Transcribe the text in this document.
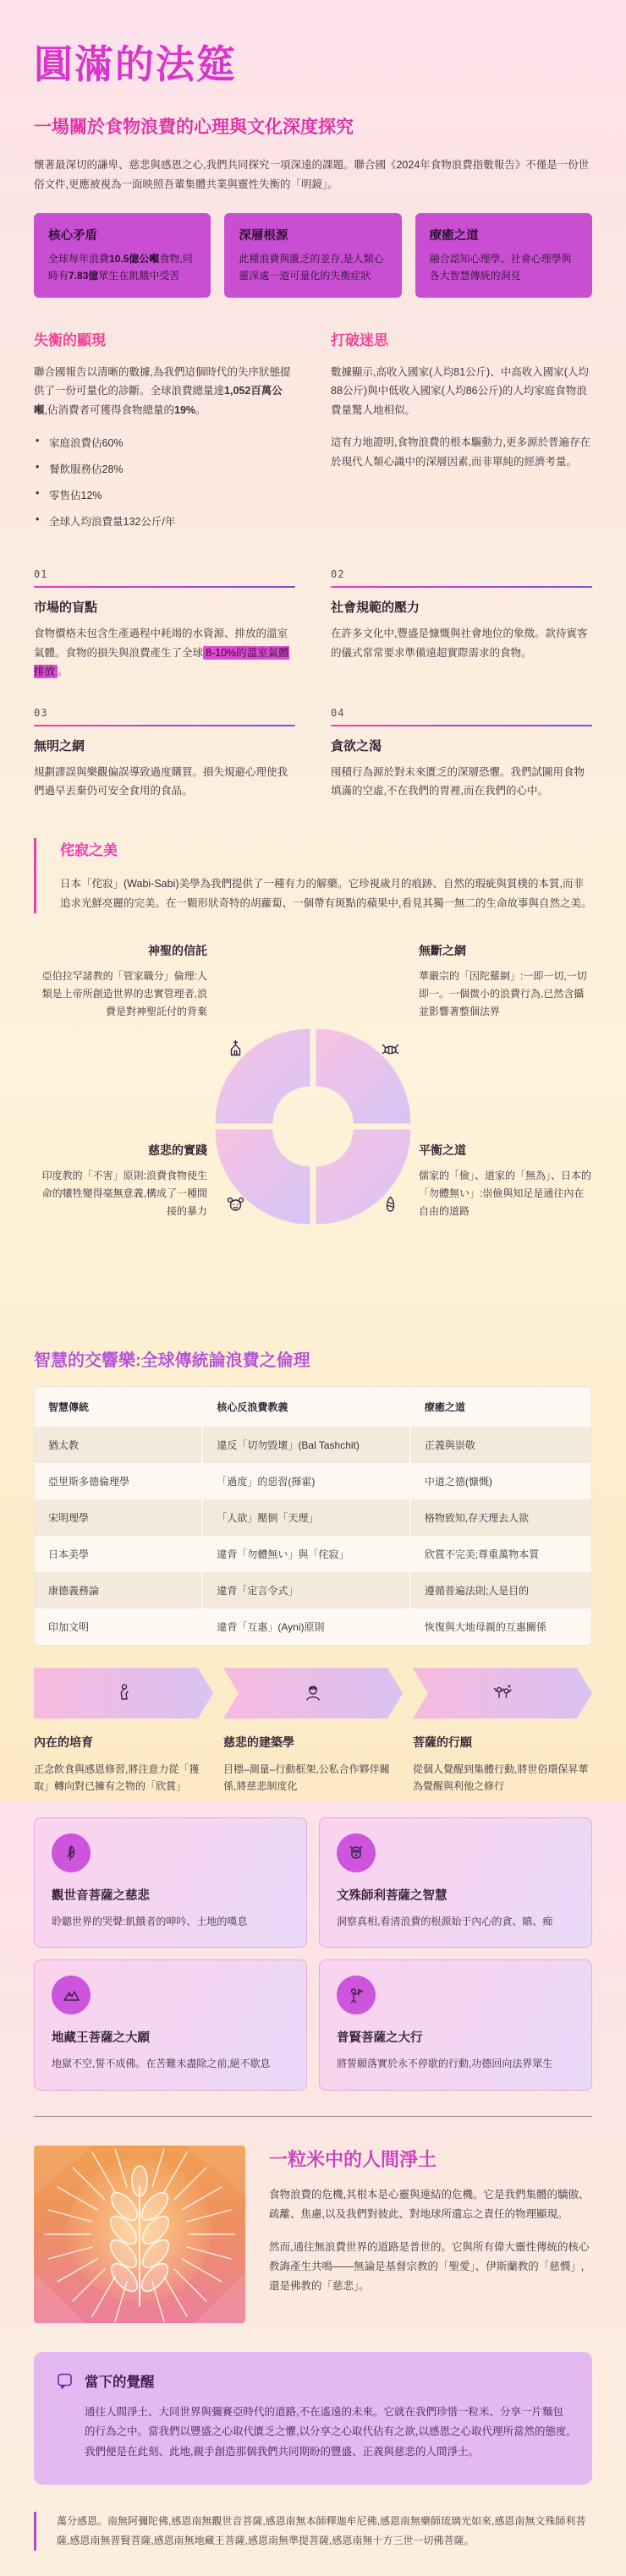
圓滿的法筵
一場關於食物浪費的心理與文化深度探究

懷著最深切的謙卑、慈悲與感恩之心,我們共同探究一項深遠的課題。聯合國《2024年食物浪費指數報告》不僅是一份世俗文件,更應被視為一面映照吾輩集體共業與靈性失衡的「明鏡」。

核心矛盾

全球每年浪費10.5億公噸食物,同時有7.83億眾生在飢餓中受苦

深層根源

此種浪費與匱乏的並存,是人類心靈深處一道可量化的失衡症狀

療癒之道

融合認知心理學、社會心理學與各大智慧傳統的洞見

失衡的顯現

聯合國報告以清晰的數據,為我們這個時代的失序狀態提供了一份可量化的診斷。全球浪費總量達1,052百萬公噸,佔消費者可獲得食物總量的19%。

• 家庭浪費佔60%
• 餐飲服務佔28%
• 零售佔12%
• 全球人均浪費量132公斤/年
打破迷思

數據顯示,高收入國家(人均81公斤)、中高收入國家(人均88公斤)與中低收入國家(人均86公斤)的人均家庭食物浪費量驚人地相似。

這有力地證明,食物浪費的根本驅動力,更多源於普遍存在於現代人類心識中的深層因素,而非單純的經濟考量。

01
市場的盲點

食物價格未包含生產過程中耗竭的水資源、排放的溫室氣體。食物的損失與浪費產生了全球 8-10%的溫室氣體排放 。

02
社會規範的壓力

在許多文化中,豐盛是慷慨與社會地位的象徵。款待賓客的儀式常常要求準備遠超實際需求的食物。

03
無明之網

規劃謬誤與樂觀偏誤導致過度購買。損失規避心理使我們過早丟棄仍可安全食用的食品。

04
貪欲之渴

囤積行為源於對未來匱乏的深層恐懼。我們試圖用食物填滿的空虛,不在我們的胃裡,而在我們的心中。

侘寂之美

日本「侘寂」(Wabi-Sabi)美學為我們提供了一種有力的解藥。它珍視歲月的痕跡、自然的瑕疵與質樸的本質,而非追求光鮮亮麗的完美。在一顆形狀奇特的胡蘿蔔、一個帶有斑點的蘋果中,看見其獨一無二的生命故事與自然之美。

神聖的信託

亞伯拉罕諸教的「管家職分」倫理:人類是上帝所創造世界的忠實管理者,浪費是對神聖託付的背棄

無斷之網

華嚴宗的「因陀羅網」:一即一切,一切即一。一個微小的浪費行為,已然含攝並影響著整個法界

慈悲的實踐

印度教的「不害」原則:浪費食物使生命的犧牲變得毫無意義,構成了一種間接的暴力

平衡之道

儒家的「儉」、道家的「無為」、日本的「勿體無い」:崇儉與知足是通往內在自由的道路

智慧的交響樂:全球傳統論浪費之倫理
智慧傳統	核心反浪費教義	療癒之道
猶太教	違反「切勿毀壞」(Bal Tashchit)	正義與崇敬
亞里斯多德倫理學	「過度」的惡習(揮霍)	中道之德(慷慨)
宋明理學	「人欲」壓倒「天理」	格物致知,存天理去人欲
日本美學	違背「勿體無い」與「侘寂」	欣賞不完美;尊重萬物本質
康德義務論	違背「定言令式」	遵循普遍法則;人是目的
印加文明	違背「互惠」(Ayni)原則	恢復與大地母親的互惠關係
內在的培育

正念飲食與感恩修習,將注意力從「獲取」轉向對已擁有之物的「欣賞」

慈悲的建築學

目標–測量–行動框架,公私合作夥伴關係,將慈悲制度化

菩薩的行願

從個人覺醒到集體行動,將世俗環保昇華為覺醒與利他之修行

觀世音菩薩之慈悲

聆聽世界的哭聲:飢餓者的呻吟、土地的嘆息

文殊師利菩薩之智慧

洞察真相,看清浪費的根源始于內心的貪、瞋、痴

地藏王菩薩之大願

地獄不空,誓不成佛。在苦難未盡除之前,絕不歇息

普賢菩薩之大行

將誓願落實於永不停歇的行動,功德回向法界眾生

一粒米中的人間淨土

食物浪費的危機,其根本是心靈與連結的危機。它是我們集體的驕傲、疏離、焦慮,以及我們對彼此、對地球所遺忘之責任的物理顯現。

然而,通往無浪費世界的道路是普世的。它與所有偉大靈性傳統的核心教誨產生共鳴——無論是基督宗教的「聖愛」、伊斯蘭教的「慈憫」,還是佛教的「慈悲」。

當下的覺醒

通往人間淨土、大同世界與彌賽亞時代的道路,不在遙遠的未來。它就在我們珍惜一粒米、分享一片麵包的行為之中。當我們以豐盛之心取代匱乏之懼,以分享之心取代佔有之欲,以感恩之心取代理所當然的態度,我們便是在此刻、此地,親手創造那個我們共同期盼的豐盛、正義與慈悲的人間淨土。

萬分感恩。南無阿彌陀佛,感恩南無觀世音菩薩,感恩南無本師釋迦牟尼佛,感恩南無藥師琉璃光如來,感恩南無文殊師利菩薩,感恩南無普賢菩薩,感恩南無地藏王菩薩,感恩南無準提菩薩,感恩南無十方三世一切佛菩薩。
